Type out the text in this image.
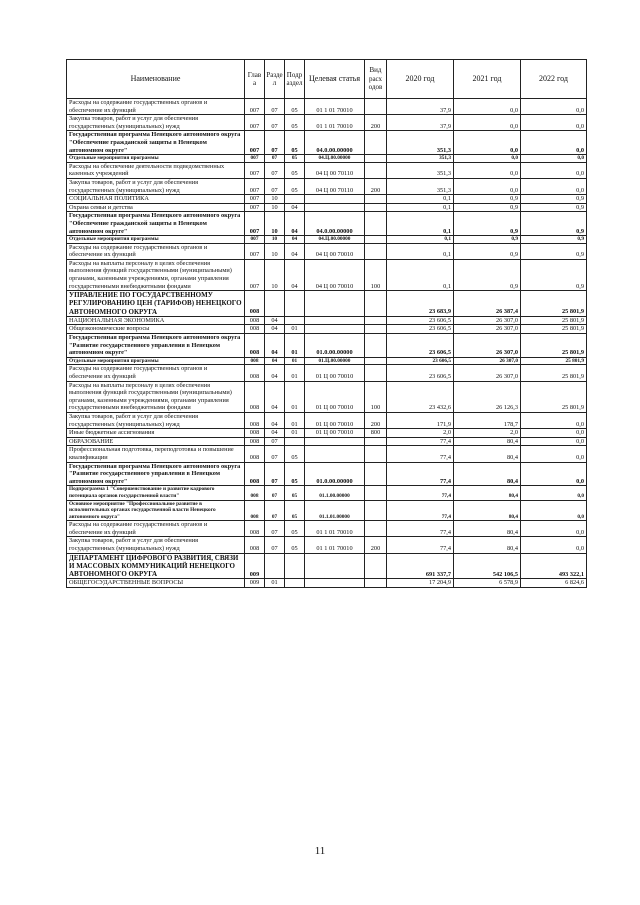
Наименование	Глав а	Разде л	Подр аздел	Целевая статья	Вид расх одов	2020 год	2021 год	2022 год
Расходы на содержание государственных органов и обеспечение их функций	007	07	05	01 1 01 70010		37,9	0,0	0,0
Закупка товаров, работ и услуг для обеспечения государственных (муниципальных) нужд	007	07	05	01 1 01 70010	200	37,9	0,0	0,0
Государственная программа Ненецкого автономного округа "Обеспечение гражданской защиты в Ненецком автономном округе"	007	07	05	04.0.00.00000		351,3	0,0	0,0
Отдельные мероприятия программы	007	07	05	04.Ц.00.00000		351,3	0,0	0,0
Расходы на обеспечение деятельности подведомственных казенных учреждений	007	07	05	04 Ц 00 70110		351,3	0,0	0,0
Закупка товаров, работ и услуг для обеспечения государственных (муниципальных) нужд	007	07	05	04 Ц 00 70110	200	351,3	0,0	0,0
СОЦИАЛЬНАЯ ПОЛИТИКА	007	10				0,1	0,9	0,9
Охрана семьи и детства	007	10	04			0,1	0,9	0,9
Государственная программа Ненецкого автономного округа "Обеспечение гражданской защиты в Ненецком автономном округе"	007	10	04	04.0.00.00000		0,1	0,9	0,9
Отдельные мероприятия программы	007	10	04	04.Ц.00.00000		0,1	0,9	0,9
Расходы на содержание государственных органов и обеспечение их функций	007	10	04	04 Ц 00 70010		0,1	0,9	0,9
Расходы на выплаты персоналу в целях обеспечения выполнения функций государственными (муниципальными) органами, казенными учреждениями, органами управления государственными внебюджетными фондами	007	10	04	04 Ц 00 70010	100	0,1	0,9	0,9
УПРАВЛЕНИЕ ПО ГОСУДАРСТВЕННОМУ РЕГУЛИРОВАНИЮ ЦЕН (ТАРИФОВ) НЕНЕЦКОГО АВТОНОМНОГО ОКРУГА	008					23 683,9	26 387,4	25 801,9
НАЦИОНАЛЬНАЯ ЭКОНОМИКА	008	04				23 606,5	26 307,0	25 801,9
Общеэкономические вопросы	008	04	01			23 606,5	26 307,0	25 801,9
Государственная программа Ненецкого автономного округа "Развитие государственного управления в Ненецком автономном округе"	008	04	01	01.0.00.00000		23 606,5	26 307,0	25 801,9
Отдельные мероприятия программы	008	04	01	01.Ц.00.00000		23 606,5	26 307,0	25 801,9
Расходы на содержание государственных органов и обеспечение их функций	008	04	01	01 Ц 00 70010		23 606,5	26 307,0	25 801,9
Расходы на выплаты персоналу в целях обеспечения выполнения функций государственными (муниципальными) органами, казенными учреждениями, органами управления государственными внебюджетными фондами	008	04	01	01 Ц 00 70010	100	23 432,6	26 126,3	25 801,9
Закупка товаров, работ и услуг для обеспечения государственных (муниципальных) нужд	008	04	01	01 Ц 00 70010	200	171,9	178,7	0,0
Иные бюджетные ассигнования	008	04	01	01 Ц 00 70010	800	2,0	2,0	0,0
ОБРАЗОВАНИЕ	008	07				77,4	80,4	0,0
Профессиональная подготовка, переподготовка и повышение квалификации	008	07	05			77,4	80,4	0,0
Государственная программа Ненецкого автономного округа "Развитие государственного управления в Ненецком автономном округе"	008	07	05	01.0.00.00000		77,4	80,4	0,0
Подпрограмма 1 "Совершенствование и развитие кадрового потенциала органов государственной власти"	008	07	05	01.1.00.00000		77,4	80,4	0,0
Основное мероприятие "Профессиональное развитие в исполнительных органах государственной власти Ненецкого автономного округа"	008	07	05	01.1.01.00000		77,4	80,4	0,0
Расходы на содержание государственных органов и обеспечение их функций	008	07	05	01 1 01 70010		77,4	80,4	0,0
Закупка товаров, работ и услуг для обеспечения государственных (муниципальных) нужд	008	07	05	01 1 01 70010	200	77,4	80,4	0,0
ДЕПАРТАМЕНТ ЦИФРОВОГО РАЗВИТИЯ, СВЯЗИ И МАССОВЫХ КОММУНИКАЦИЙ НЕНЕЦКОГО АВТОНОМНОГО ОКРУГА	009					691 337,7	542 106,5	493 322,1
ОБЩЕГОСУДАРСТВЕННЫЕ ВОПРОСЫ	009	01				17 204,9	6 578,9	6 824,6
11
